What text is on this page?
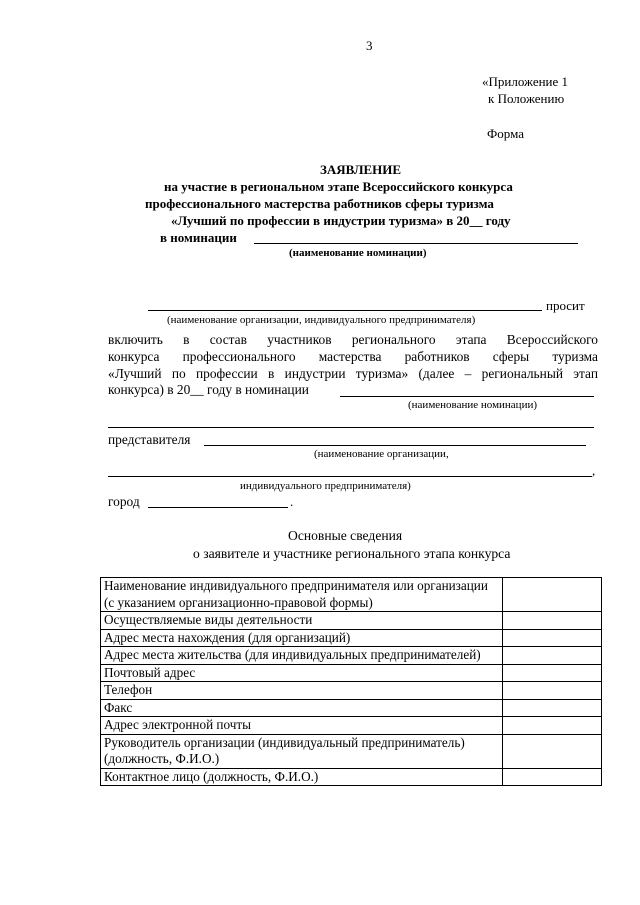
3
«Приложение 1
к Положению
Форма
ЗАЯВЛЕНИЕ
на участие в региональном этапе Всероссийского конкурса
профессионального мастерства работников сферы туризма
«Лучший по профессии в индустрии туризма» в 20__ году
в номинации
(наименование номинации)
просит
(наименование организации, индивидуального предпринимателя)
включить в состав участников регионального этапа Всероссийского
конкурса профессионального мастерства работников сферы туризма
«Лучший по профессии в индустрии туризма» (далее – региональный этап
конкурса) в 20__ году в номинации
(наименование номинации)
представителя
(наименование организации,
,
индивидуального предпринимателя)
город	.
Основные сведения
о заявителе и участнике регионального этапа конкурса
Наименование индивидуального предпринимателя или организации (с указанием организационно-правовой формы)	
Осуществляемые виды деятельности	
Адрес места нахождения (для организаций)	
Адрес места жительства (для индивидуальных предпринимателей)	
Почтовый адрес	
Телефон	
Факс	
Адрес электронной почты	
Руководитель организации (индивидуальный предприниматель) (должность, Ф.И.О.)	
Контактное лицо (должность, Ф.И.О.)	
